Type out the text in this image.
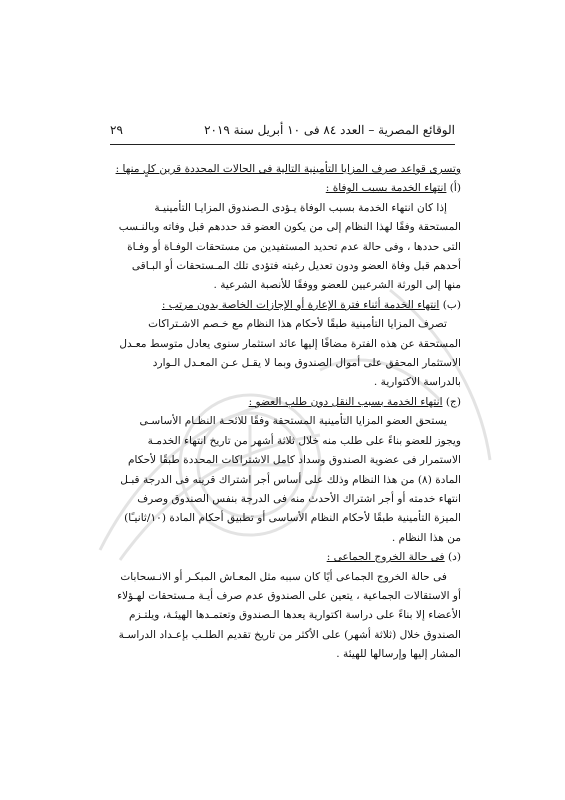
الوقائع المصرية – العدد ٨٤ فى ١٠ أبريل سنة ٢٠١٩
٢٩

وتسرى قواعد صرف المزايا التأمينية التالية فى الحالات المحددة قرين كلٍ منها :

(أ) انتهاء الخدمة بسبب الوفاة :

إذا كان انتهاء الخدمة بسبب الوفاة يـؤدى الـصندوق المزايـا التأمينيـة

المستحقة وفقًا لهذا النظام إلى من يكون العضو قد حددهم قبل وفاته وبالنـسب

التى حددها ، وفى حالة عدم تحديد المستفيدين من مستحقات الوفـاة أو وفـاة

أحدهم قبل وفاة العضو ودون تعديل رغبته فتؤدى تلك المـستحقات أو البـاقى

منها إلى الورثة الشرعيين للعضو ووفقًا للأنصبة الشرعية .

(ب) انتهاء الخدمة أثناء فترة الإعارة أو الإجازات الخاصة بدون مرتب :

تصرف المزايا التأمينية طبقًا لأحكام هذا النظام مع خـصم الاشـتراكات

المستحقة عن هذه الفترة مضافًا إليها عائد استثمار سنوى يعادل متوسط معـدل

الاستثمار المحقق على أموال الصندوق وبما لا يقـل عـن المعـدل الـوارد

بالدراسة الاكتوارية .

(ج) انتهاء الخدمة بسبب النقل دون طلب العضو :

يستحق العضو المزايا التأمينية المستحقة وفقًا للائحـة النظـام الأساسـى

ويجوز للعضو بناءً على طلب منه خلال ثلاثة أشهر من تاريخ انتهاء الخدمـة

الاستمرار فى عضوية الصندوق وسداد كامل الاشتراكات المحددة طبقًا لأحكام

المادة (٨) من هذا النظام وذلك على أساس أجر اشتراك قرينه فى الدرجة قبـل

انتهاء خدمته أو أجر اشتراك الأحدث منه فى الدرجة بنفس الصندوق وصرف

الميزة التأمينية طبقًا لأحكام النظام الأساسى أو تطبيق أحكام المادة (١٠/ثانيـًا)

من هذا النظام .

(د) فى حالة الخروج الجماعى :

فى حالة الخروج الجماعى أيًا كان سببه مثل المعـاش المبكـر أو الانـسحابات

أو الاستقالات الجماعية ، يتعين على الصندوق عدم صرف أيـة مـستحقات لهـؤلاء

الأعضاء إلا بناءً على دراسة اكتوارية يعدها الـصندوق وتعتمـدها الهيئـة، ويلتـزم

الصندوق خلال (ثلاثة أشهر) على الأكثر من تاريخ تقديم الطلـب بإعـداد الدراسـة

المشار إليها وإرسالها للهيئة .
